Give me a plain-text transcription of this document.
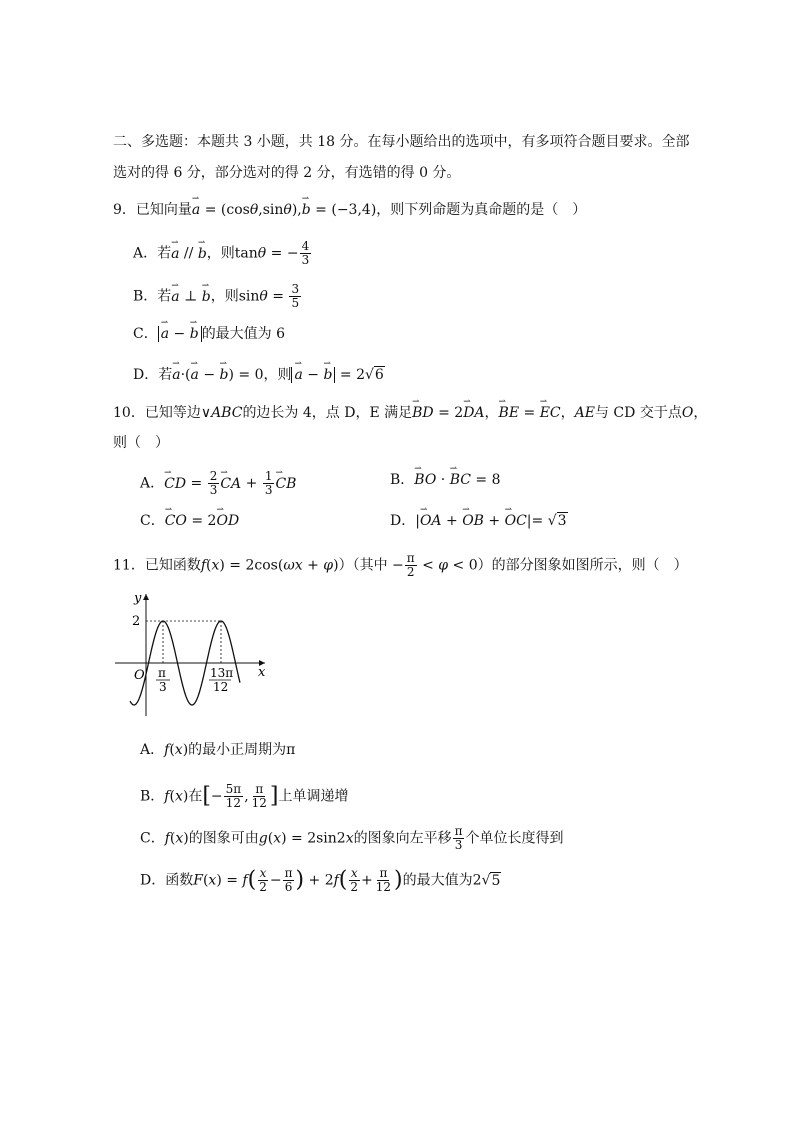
二、多选题：本题共 3 小题，共 18 分。在每小题给出的选项中，有多项符合题目要求。全部
选对的得 6 分，部分选对的得 2 分，有选错的得 0 分。
9．已知向量⇀ a = (cosθ,sinθ),⇀ b = (−3,4)，则下列命题为真命题的是（　）
A．若⇀ a // ⇀ b，则tanθ = − $\frac{4}{3}$
B．若⇀ a ⊥ ⇀ b，则$\sin\theta = \frac{3}{5}$
C． ⇀ a − ⇀ b 的最大值为 6
D．若⇀ a·(⇀ a − ⇀ b) = 0，则 ⇀ a − ⇀ b = 2√6
10．已知等边∨ABC的边长为 4，点 D，E 满足⇀ BD = 2⇀ DA，⇀ BE = ⇀ EC，AE与 CD 交于点O，
则（　）
A．⇀ CD = $\frac{2}{3}$ ⇀ CA + $\frac{1}{3}$ ⇀ CB	B．⇀ BO · ⇀ BC = 8
C．⇀ CO = 2⇀ OD	D．|⇀ OA + ⇀ OB + ⇀ OC|= √3
11．已知函数f(x) = 2cos(ωx + φ)）（其中 − $\frac{\pi}{2} < \varphi < 0$）的部分图象如图所示，则（　）
y
x
O
2
π
3
13π
12
A．f(x)的最小正周期为π
B．f(x)在[− $\frac{5\pi}{12}$ , $\frac{\pi}{12}$ ]上单调递增
C．f(x)的图象可由g(x) = 2sin2x的图象向左平移 $\frac{\pi}{3}$ 个单位长度得到
D．函数$F(x) = f( \frac{x}{2} - \frac{\pi}{6}$ ) + $2f( \frac{x}{2} + \frac{\pi}{12}$ )的最大值为2√5
